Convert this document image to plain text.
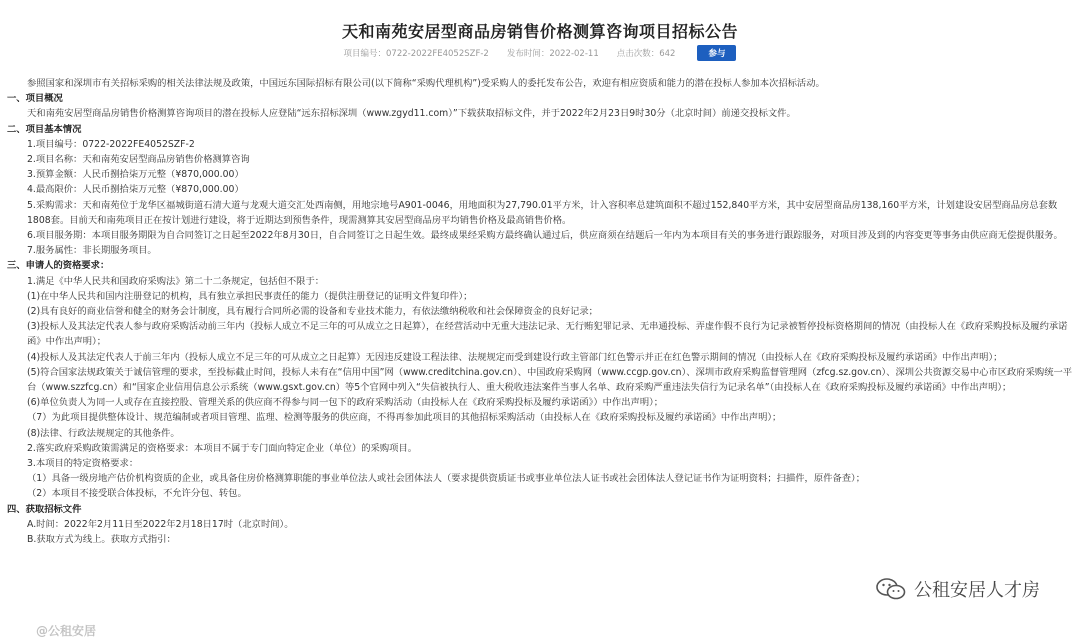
天和南苑安居型商品房销售价格测算咨询项目招标公告
项目编号：0722-2022FE4052SZF-2 发布时间：2022-02-11 点击次数：642	参与

参照国家和深圳市有关招标采购的相关法律法规及政策，中国远东国际招标有限公司(以下简称“采购代理机构”)受采购人的委托发布公告，欢迎有相应资质和能力的潜在投标人参加本次招标活动。

一、项目概况

天和南苑安居型商品房销售价格测算咨询项目的潜在投标人应登陆“远东招标深圳（www.zgyd11.com）”下载获取招标文件，并于2022年2月23日9时30分（北京时间）前递交投标文件。

二、项目基本情况

1.项目编号：0722-2022FE4052SZF-2

2.项目名称：天和南苑安居型商品房销售价格测算咨询

3.预算金额：人民币捌拾柒万元整（¥870,000.00）

4.最高限价：人民币捌拾柒万元整（¥870,000.00）

5.采购需求：天和南苑位于龙华区福城街道石清大道与龙观大道交汇处西南侧，用地宗地号A901-0046，用地面积为27,790.01平方米，计入容积率总建筑面积不超过152,840平方米，其中安居型商品房138,160平方米，计划建设安居型商品房总套数1808套。目前天和南苑项目正在按计划进行建设，将于近期达到预售条件，现需测算其安居型商品房平均销售价格及最高销售价格。

6.项目服务期：本项目服务期限为自合同签订之日起至2022年8月30日，自合同签订之日起生效。最终成果经采购方最终确认通过后，供应商须在结题后一年内为本项目有关的事务进行跟踪服务，对项目涉及到的内容变更等事务由供应商无偿提供服务。

7.服务属性：非长期服务项目。

三、申请人的资格要求：

1.满足《中华人民共和国政府采购法》第二十二条规定，包括但不限于：

(1)在中华人民共和国内注册登记的机构，具有独立承担民事责任的能力（提供注册登记的证明文件复印件）；

(2)具有良好的商业信誉和健全的财务会计制度，具有履行合同所必需的设备和专业技术能力，有依法缴纳税收和社会保障资金的良好记录；

(3)投标人及其法定代表人参与政府采购活动前三年内（投标人成立不足三年的可从成立之日起算），在经营活动中无重大违法记录、无行贿犯罪记录、无串通投标、弄虚作假不良行为记录被暂停投标资格期间的情况（由投标人在《政府采购投标及履约承诺函》中作出声明）；

(4)投标人及其法定代表人于前三年内（投标人成立不足三年的可从成立之日起算）无因违反建设工程法律、法规规定而受到建设行政主管部门红色警示并正在红色警示期间的情况（由投标人在《政府采购投标及履约承诺函》中作出声明）；

(5)符合国家法规政策关于诚信管理的要求，至投标截止时间，投标人未有在“信用中国”网（www.creditchina.gov.cn）、中国政府采购网（www.ccgp.gov.cn）、深圳市政府采购监督管理网（zfcg.sz.gov.cn）、深圳公共资源交易中心市区政府采购统一平台（www.szzfcg.cn）和“国家企业信用信息公示系统（www.gsxt.gov.cn）等5个官网中列入“失信被执行人、重大税收违法案件当事人名单、政府采购严重违法失信行为记录名单”（由投标人在《政府采购投标及履约承诺函》中作出声明）；

(6)单位负责人为同一人或存在直接控股、管理关系的供应商不得参与同一包下的政府采购活动（由投标人在《政府采购投标及履约承诺函》）中作出声明）；

（7）为此项目提供整体设计、规范编制或者项目管理、监理、检测等服务的供应商，不得再参加此项目的其他招标采购活动（由投标人在《政府采购投标及履约承诺函》中作出声明）；

(8)法律、行政法规规定的其他条件。

2.落实政府采购政策需满足的资格要求：本项目不属于专门面向特定企业（单位）的采购项目。

3.本项目的特定资格要求：

（1）具备一级房地产估价机构资质的企业，或具备住房价格测算职能的事业单位法人或社会团体法人（要求提供资质证书或事业单位法人证书或社会团体法人登记证书作为证明资料；扫描件，原件备查）；

（2）本项目不接受联合体投标，不允许分包、转包。

四、获取招标文件

A.时间：2022年2月11日至2022年2月18日17时（北京时间）。

B.获取方式为线上。获取方式指引：

公租安居人才房
@公租安居
